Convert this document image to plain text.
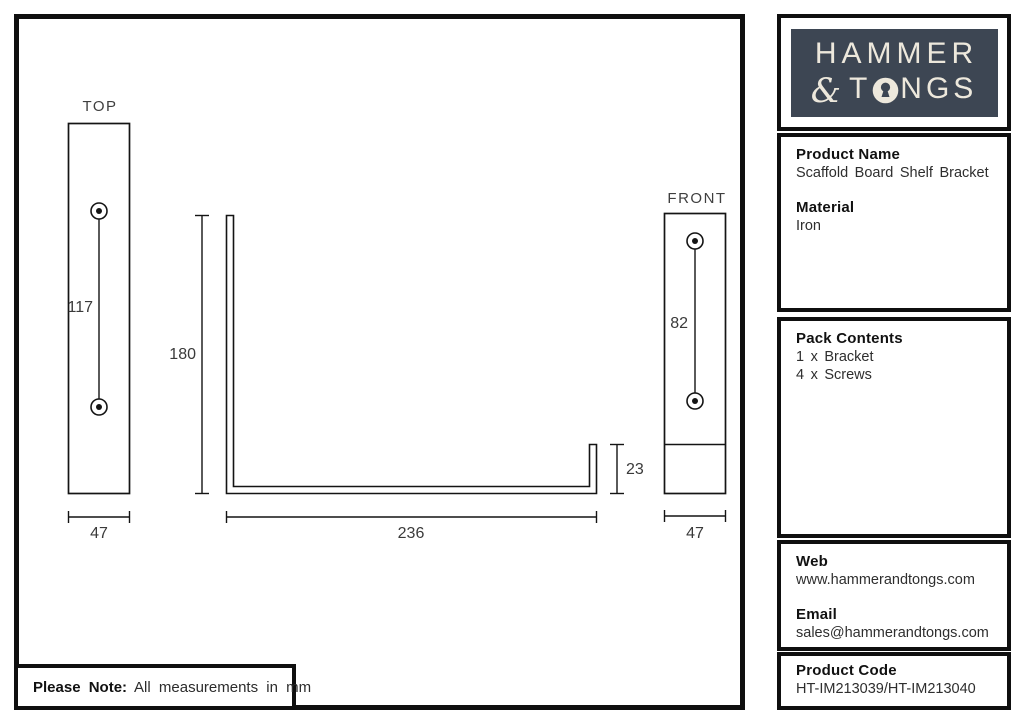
TOP
117
47
180
236
23
FRONT
82
47
Please Note: All measurements in mm
HAMMER
& T NGS
Product Name
Scaffold Board Shelf Bracket
Material
Iron
Pack Contents
1 x Bracket
4 x Screws
Web
www.hammerandtongs.com
Email
sales@hammerandtongs.com
Product Code
HT-IM213039/HT-IM213040
